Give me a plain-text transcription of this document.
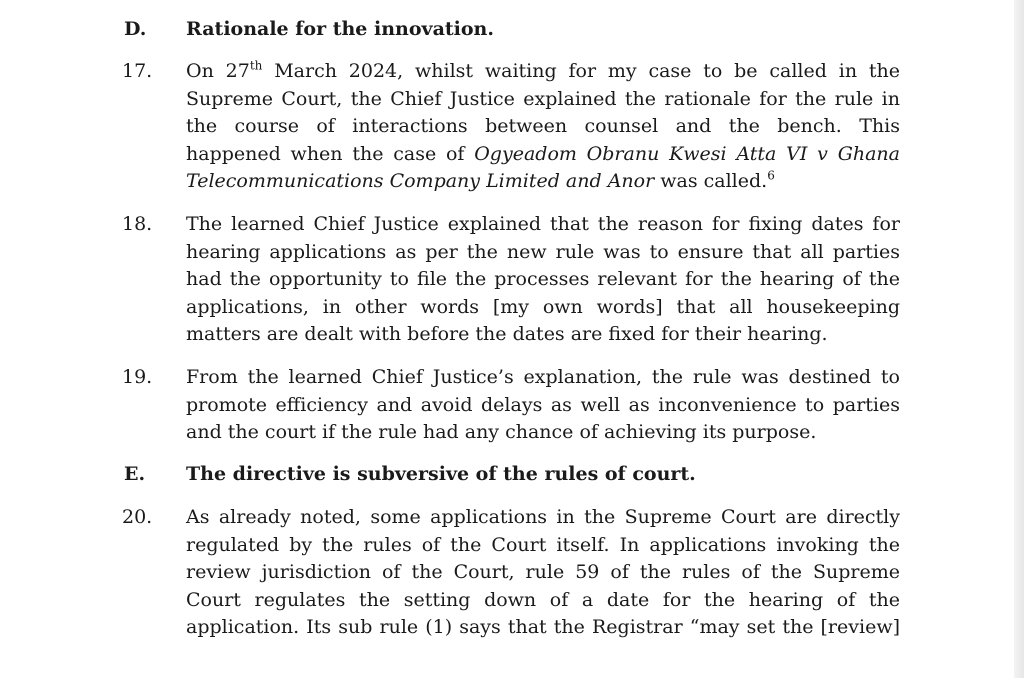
D. Rationale for the innovation.
17. On 27th March 2024, whilst waiting for my case to be called in the
Supreme Court, the Chief Justice explained the rationale for the rule in
the course of interactions between counsel and the bench. This
happened when the case of Ogyeadom Obranu Kwesi Atta VI v Ghana
Telecommunications Company Limited and Anor was called.$^6$
18. The learned Chief Justice explained that the reason for fixing dates for
hearing applications as per the new rule was to ensure that all parties
had the opportunity to file the processes relevant for the hearing of the
applications, in other words [my own words] that all housekeeping
matters are dealt with before the dates are fixed for their hearing.
19. From the learned Chief Justice’s explanation, the rule was destined to
promote efficiency and avoid delays as well as inconvenience to parties
and the court if the rule had any chance of achieving its purpose.
E. The directive is subversive of the rules of court.
20. As already noted, some applications in the Supreme Court are directly
regulated by the rules of the Court itself. In applications invoking the
review jurisdiction of the Court, rule 59 of the rules of the Supreme
Court regulates the setting down of a date for the hearing of the
application. Its sub rule (1) says that the Registrar “may set the [review]
